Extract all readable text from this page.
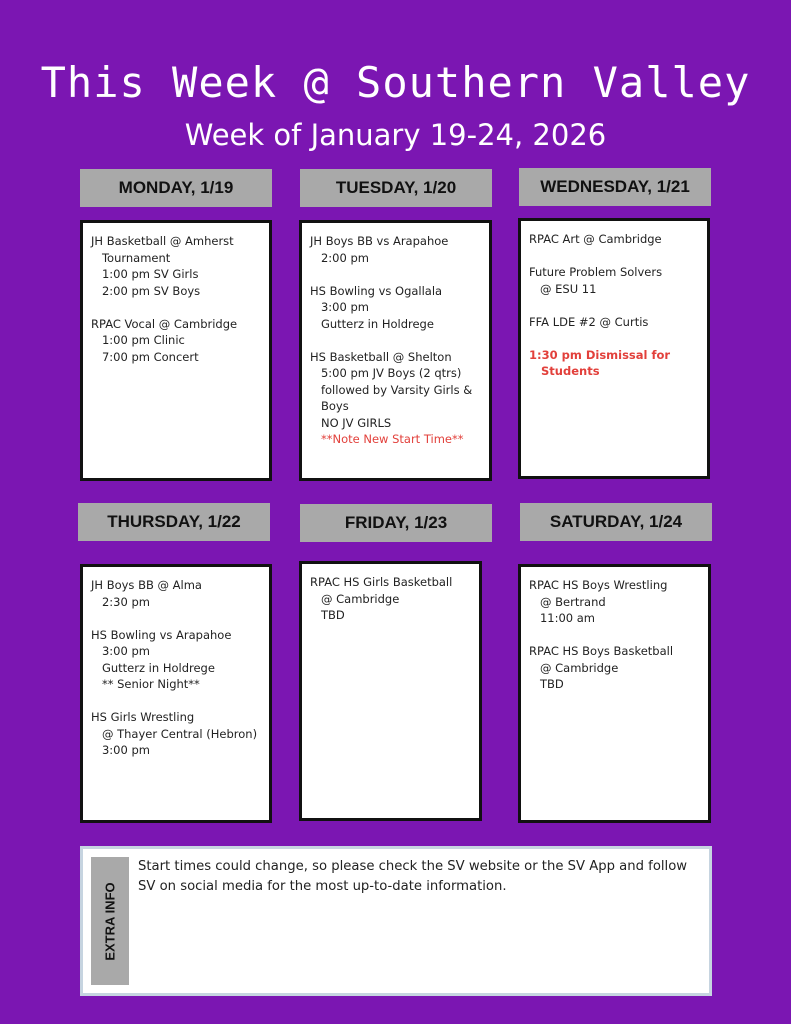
This Week @ Southern Valley
Week of January 19-24, 2026
MONDAY, 1/19	TUESDAY, 1/20	WEDNESDAY, 1/21
JH Basketball @ Amherst
Tournament
1:00 pm SV Girls
2:00 pm SV Boys
RPAC Vocal @ Cambridge
1:00 pm Clinic
7:00 pm Concert
JH Boys BB vs Arapahoe
2:00 pm
HS Bowling vs Ogallala
3:00 pm
Gutterz in Holdrege
HS Basketball @ Shelton
5:00 pm JV Boys (2 qtrs)
followed by Varsity Girls &
Boys
NO JV GIRLS
**Note New Start Time**
RPAC Art @ Cambridge
Future Problem Solvers
@ ESU 11
FFA LDE #2 @ Curtis
1:30 pm Dismissal for
Students
THURSDAY, 1/22	FRIDAY, 1/23	SATURDAY, 1/24
JH Boys BB @ Alma
2:30 pm
HS Bowling vs Arapahoe
3:00 pm
Gutterz in Holdrege
** Senior Night**
HS Girls Wrestling
@ Thayer Central (Hebron)
3:00 pm
RPAC HS Girls Basketball
@ Cambridge
TBD
RPAC HS Boys Wrestling
@ Bertrand
11:00 am
RPAC HS Boys Basketball
@ Cambridge
TBD
EXTRA INFO
Start times could change, so please check the SV website or the SV App and follow SV on social media for the most up-to-date information.
